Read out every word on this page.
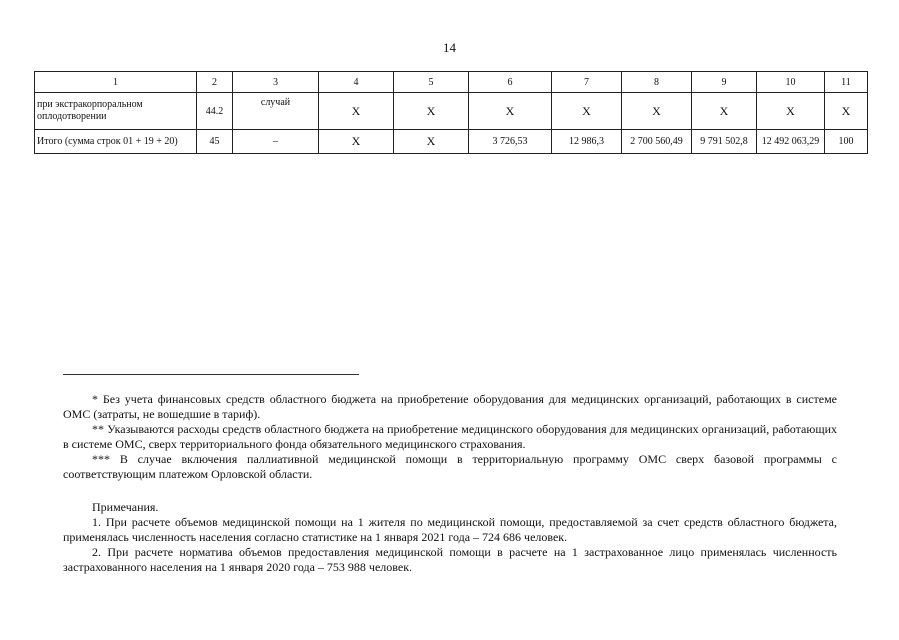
14
1	2	3	4	5	6	7	8	9	10	11
при экстракорпоральном оплодотворении	44.2	случай	X	X	X	X	X	X	X	X
Итого (сумма строк 01 + 19 + 20)	45	–	X	X	3 726,53	12 986,3	2 700 560,49	9 791 502,8	12 492 063,29	100

* Без учета финансовых средств областного бюджета на приобретение оборудования для медицинских организаций, работающих в системе ОМС (затраты, не вошедшие в тариф).

** Указываются расходы средств областного бюджета на приобретение медицинского оборудования для медицинских организаций, работающих в системе ОМС, сверх территориального фонда обязательного медицинского страхования.

*** В случае включения паллиативной медицинской помощи в территориальную программу ОМС сверх базовой программы с соответствующим платежом Орловской области.

Примечания.

1. При расчете объемов медицинской помощи на 1 жителя по медицинской помощи, предоставляемой за счет средств областного бюджета, применялась численность населения согласно статистике на 1 января 2021 года – 724 686 человек.

2. При расчете норматива объемов предоставления медицинской помощи в расчете на 1 застрахованное лицо применялась численность застрахованного населения на 1 января 2020 года – 753 988 человек.
